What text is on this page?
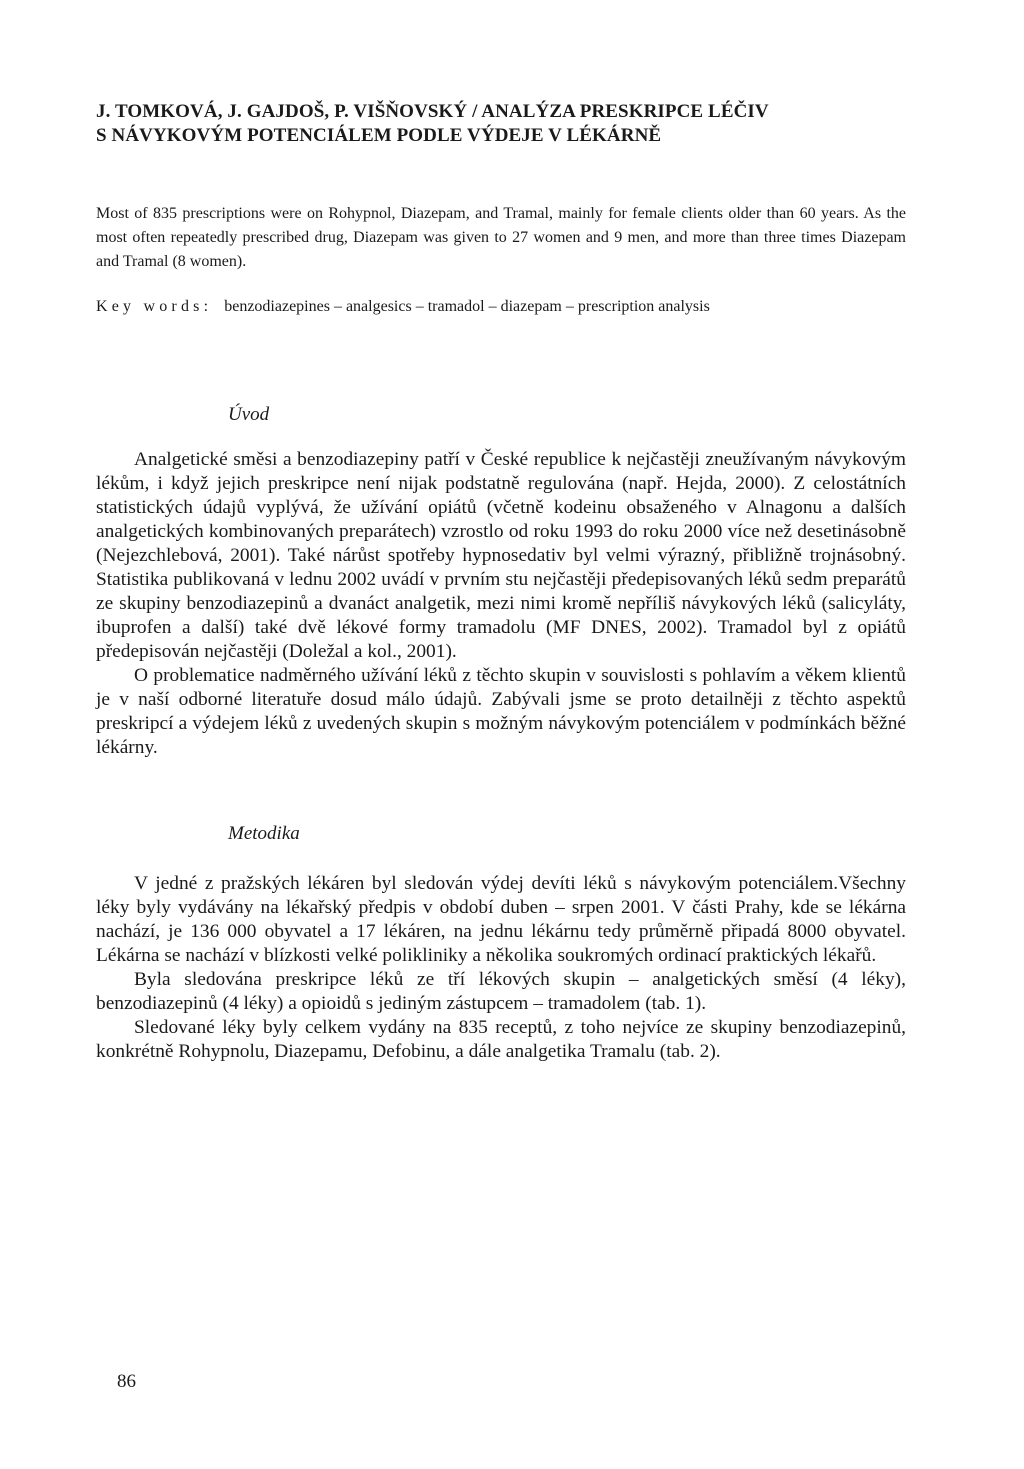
J. TOMKOVÁ, J. GAJDOŠ, P. VIŠŇOVSKÝ / ANALÝZA PRESKRIPCE LÉČIV
S NÁVYKOVÝM POTENCIÁLEM PODLE VÝDEJE V LÉKÁRNĚ

Most of 835 prescriptions were on Rohypnol, Diazepam, and Tramal, mainly for female clients older than 60 years. As the most often repeatedly prescribed drug, Diazepam was given to 27 women and 9 men, and more than three times Diazepam and Tramal (8 women).

Key words: benzodiazepines – analgesics – tramadol – diazepam – prescription analysis

Úvod

Analgetické směsi a benzodiazepiny patří v České republice k nejčastěji zneužívaným návykovým lékům, i když jejich preskripce není nijak podstatně regulována (např. Hejda, 2000). Z celostátních statistických údajů vyplývá, že užívání opiátů (včetně kodeinu obsaženého v Alnagonu a dalších analgetických kombinovaných preparátech) vzrostlo od roku 1993 do roku 2000 více než desetinásobně (Nejezchlebová, 2001). Také nárůst spotřeby hypnosedativ byl velmi výrazný, přibližně trojnásobný. Statistika publikovaná v lednu 2002 uvádí v prvním stu nejčastěji předepisovaných léků sedm preparátů ze skupiny benzodiazepinů a dvanáct analgetik, mezi nimi kromě nepříliš návykových léků (salicyláty, ibuprofen a další) také dvě lékové formy tramadolu (MF DNES, 2002). Tramadol byl z opiátů předepisován nejčastěji (Doležal a kol., 2001).

O problematice nadměrného užívání léků z těchto skupin v souvislosti s pohlavím a věkem klientů je v naší odborné literatuře dosud málo údajů. Zabývali jsme se proto detailněji z těchto aspektů preskripcí a výdejem léků z uvedených skupin s možným návykovým potenciálem v podmínkách běžné lékárny.

Metodika

V jedné z pražských lékáren byl sledován výdej devíti léků s návykovým potenciálem.Všechny léky byly vydávány na lékařský předpis v období duben – srpen 2001. V části Prahy, kde se lékárna nachází, je 136 000 obyvatel a 17 lékáren, na jednu lékárnu tedy průměrně připadá 8000 obyvatel. Lékárna se nachází v blízkosti velké polikliniky a několika soukromých ordinací praktických lékařů.

Byla sledována preskripce léků ze tří lékových skupin – analgetických směsí (4 léky), benzodiazepinů (4 léky) a opioidů s jediným zástupcem – tramadolem (tab. 1).

Sledované léky byly celkem vydány na 835 receptů, z toho nejvíce ze skupiny benzodiazepinů, konkrétně Rohypnolu, Diazepamu, Defobinu, a dále analgetika Tramalu (tab. 2).

86
